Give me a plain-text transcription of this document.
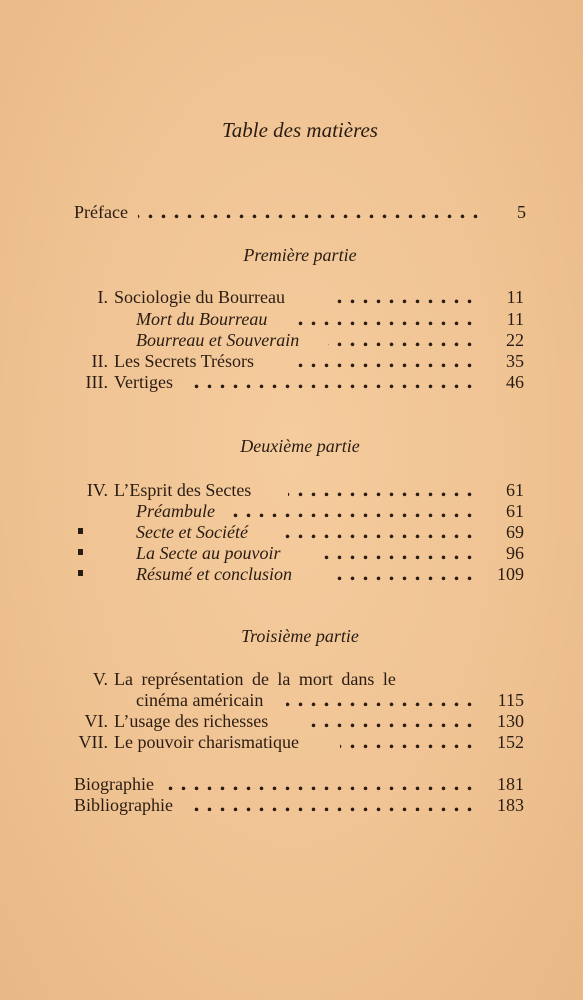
Table des matières
Préface	5
Première partie
I. Sociologie du Bourreau	11
Mort du Bourreau	11
Bourreau et Souverain	22
II. Les Secrets Trésors	35
III. Vertiges	46
Deuxième partie
IV. L’Esprit des Sectes	61
Préambule	61
Secte et Société	69
La Secte au pouvoir	96
Résumé et conclusion	109
Troisième partie
V. La représentation de la mort dans le
cinéma américain	115
VI. L’usage des richesses	130
VII. Le pouvoir charismatique	152
Biographie	181
Bibliographie	183
